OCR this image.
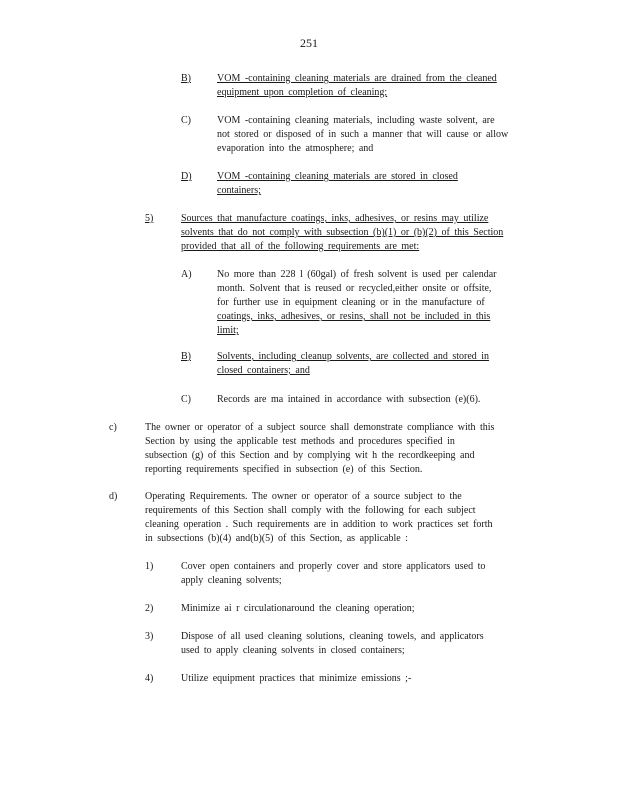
251
B)	VOM -containing cleaning materials are drained from the cleaned
equipment upon completion of cleaning;
C)	VOM -containing cleaning materials, including waste solvent, are
not stored or disposed of in such a manner that will cause or allow
evaporation into the atmosphere; and
D)	VOM -containing cleaning materials are stored in closed
containers;
5)	Sources that manufacture coatings, inks, adhesives, or resins may utilize
solvents that do not comply with subsection (b)(1) or (b)(2) of this Section
provided that all of the following requirements are met:
A)	No more than 228 l (60gal) of fresh solvent is used per calendar
month. Solvent that is reused or recycled,either onsite or offsite,
for further use in equipment cleaning or in the manufacture of
coatings, inks, adhesives, or resins, shall not be included in this
limit;
B)	Solvents, including cleanup solvents, are collected and stored in
closed containers; and
C)	Records are ma intained in accordance with subsection (e)(6).
c)	The owner or operator of a subject source shall demonstrate compliance with this
Section by using the applicable test methods and procedures specified in
subsection (g) of this Section and by complying wit h the recordkeeping and
reporting requirements specified in subsection (e) of this Section.
d)	Operating Requirements. The owner or operator of a source subject to the
requirements of this Section shall comply with the following for each subject
cleaning operation . Such requirements are in addition to work practices set forth
in subsections (b)(4) and(b)(5) of this Section, as applicable :
1)	Cover open containers and properly cover and store applicators used to
apply cleaning solvents;
2)	Minimize ai r circulationaround the cleaning operation;
3)	Dispose of all used cleaning solutions, cleaning towels, and applicators
used to apply cleaning solvents in closed containers;
4)	Utilize equipment practices that minimize emissions ;-
